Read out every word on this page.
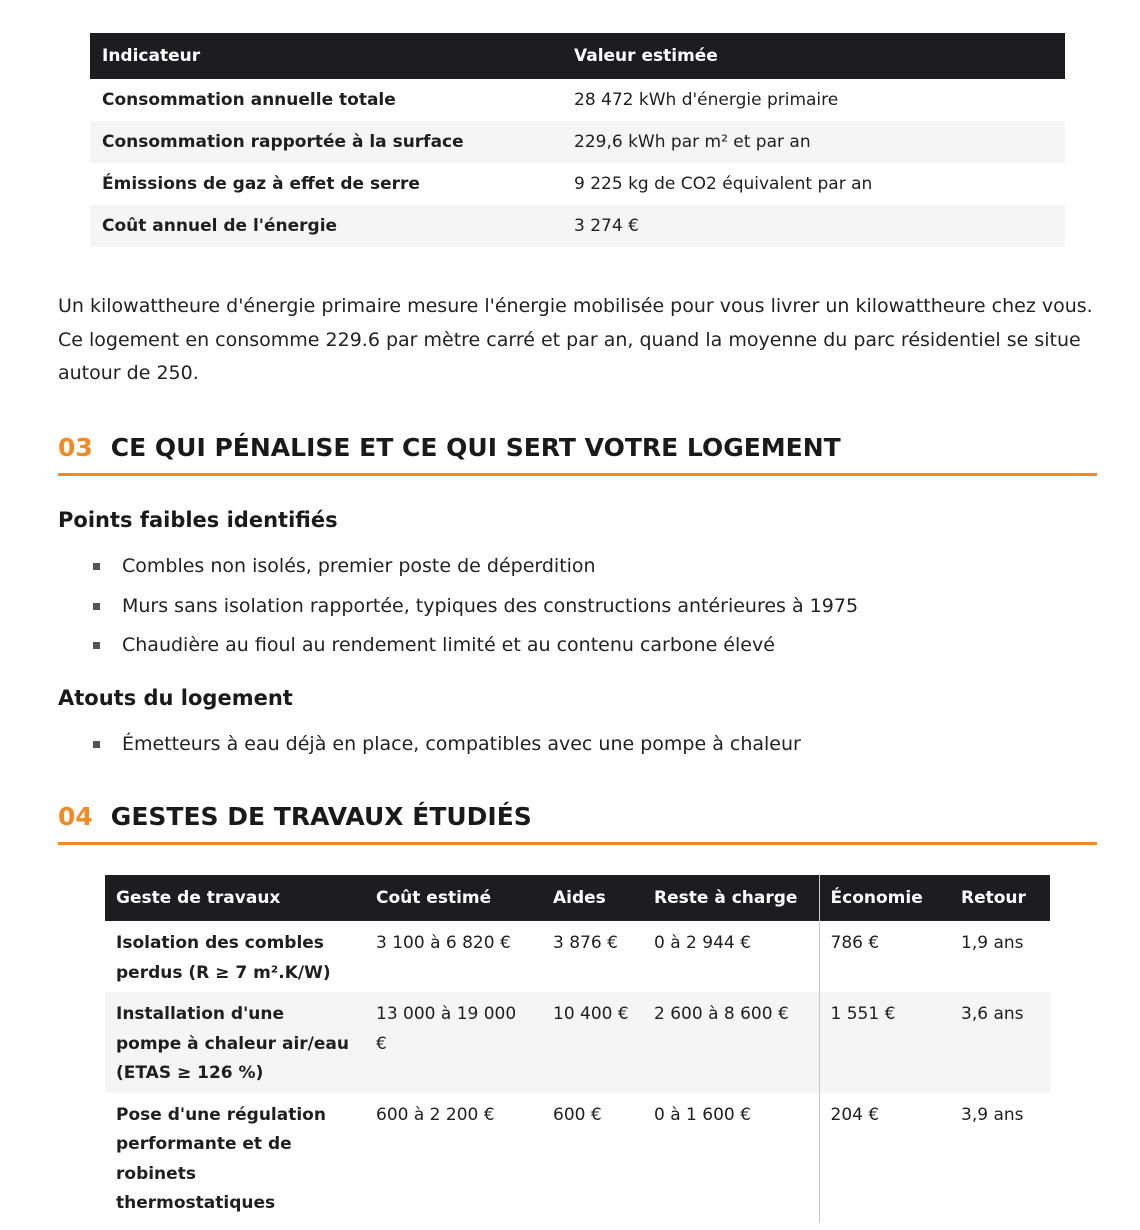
Indicateur	Valeur estimée
Consommation annuelle totale	28 472 kWh d'énergie primaire
Consommation rapportée à la surface	229,6 kWh par m² et par an
Émissions de gaz à effet de serre	9 225 kg de CO2 équivalent par an
Coût annuel de l'énergie	3 274 €

Un kilowattheure d'énergie primaire mesure l'énergie mobilisée pour vous livrer un kilowattheure chez vous. Ce logement en consomme 229.6 par mètre carré et par an, quand la moyenne du parc résidentiel se situe autour de 250.

03 CE QUI PÉNALISE ET CE QUI SERT VOTRE LOGEMENT
Points faibles identifiés
Combles non isolés, premier poste de déperdition
Murs sans isolation rapportée, typiques des constructions antérieures à 1975
Chaudière au fioul au rendement limité et au contenu carbone élevé
Atouts du logement
Émetteurs à eau déjà en place, compatibles avec une pompe à chaleur
04 GESTES DE TRAVAUX ÉTUDIÉS
Geste de travaux	Coût estimé	Aides	Reste à charge	Économie	Retour
Isolation des combles perdus (R ≥ 7 m².K/W)	3 100 à 6 820 €	3 876 €	0 à 2 944 €	786 €	1,9 ans
Installation d'une pompe à chaleur air/eau (ETAS ≥ 126 %)	13 000 à 19 000 €	10 400 €	2 600 à 8 600 €	1 551 €	3,6 ans
Pose d'une régulation performante et de robinets thermostatiques	600 à 2 200 €	600 €	0 à 1 600 €	204 €	3,9 ans
